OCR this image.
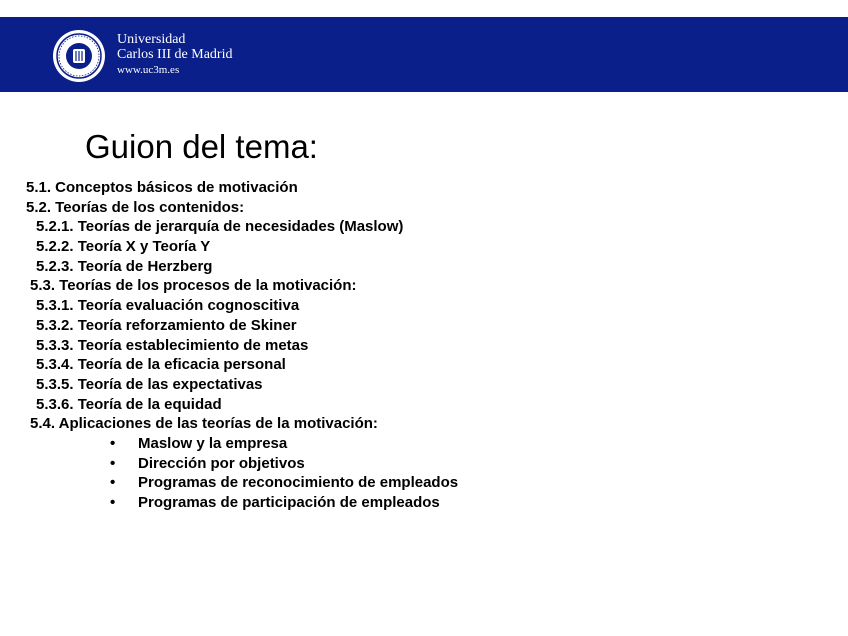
Universidad
Carlos III de Madrid
www.uc3m.es
Guion del tema:
5.1. Conceptos básicos de motivación
5.2. Teorías de los contenidos:
5.2.1. Teorías de jerarquía de necesidades (Maslow)
5.2.2. Teoría X y Teoría Y
5.2.3. Teoría de Herzberg
5.3. Teorías de los procesos de la motivación:
5.3.1. Teoría evaluación cognoscitiva
5.3.2. Teoría reforzamiento de Skiner
5.3.3. Teoría establecimiento de metas
5.3.4. Teoría de la eficacia personal
5.3.5. Teoría de las expectativas
5.3.6. Teoría de la equidad
5.4. Aplicaciones de las teorías de la motivación:
• Maslow y la empresa
• Dirección por objetivos
• Programas de reconocimiento de empleados
• Programas de participación de empleados
